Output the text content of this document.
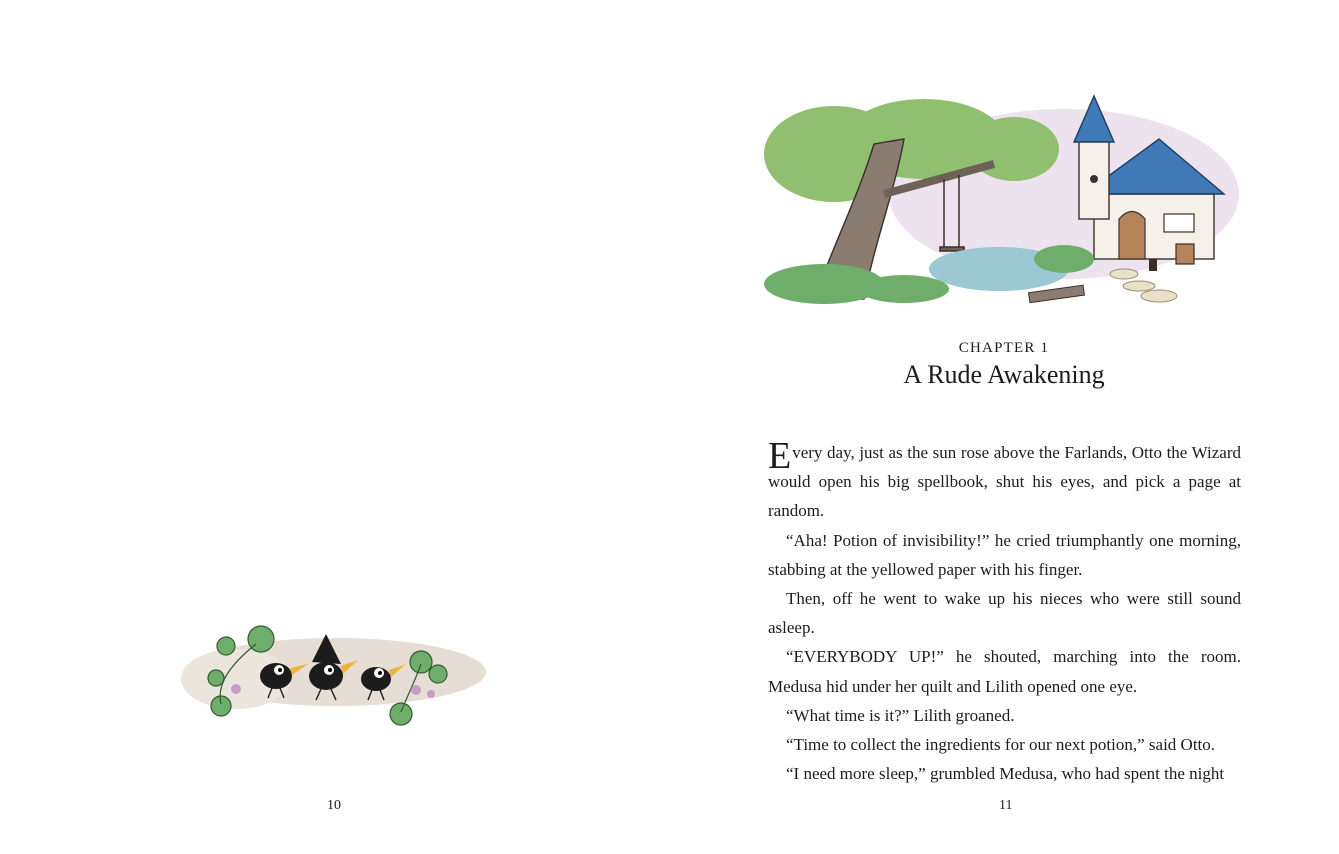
10
CHAPTER 1
A Rude Awakening

Every day, just as the sun rose above the Farlands, Otto the Wizard would open his big spellbook, shut his eyes, and pick a page at random.

“Aha! Potion of invisibility!” he cried triumphantly one morning, stabbing at the yellowed paper with his finger.

Then, off he went to wake up his nieces who were still sound asleep.

“EVERYBODY UP!” he shouted, marching into the room. Medusa hid under her quilt and Lilith opened one eye.

“What time is it?” Lilith groaned.

“Time to collect the ingredients for our next potion,” said Otto.

“I need more sleep,” grumbled Medusa, who had spent the night

11
